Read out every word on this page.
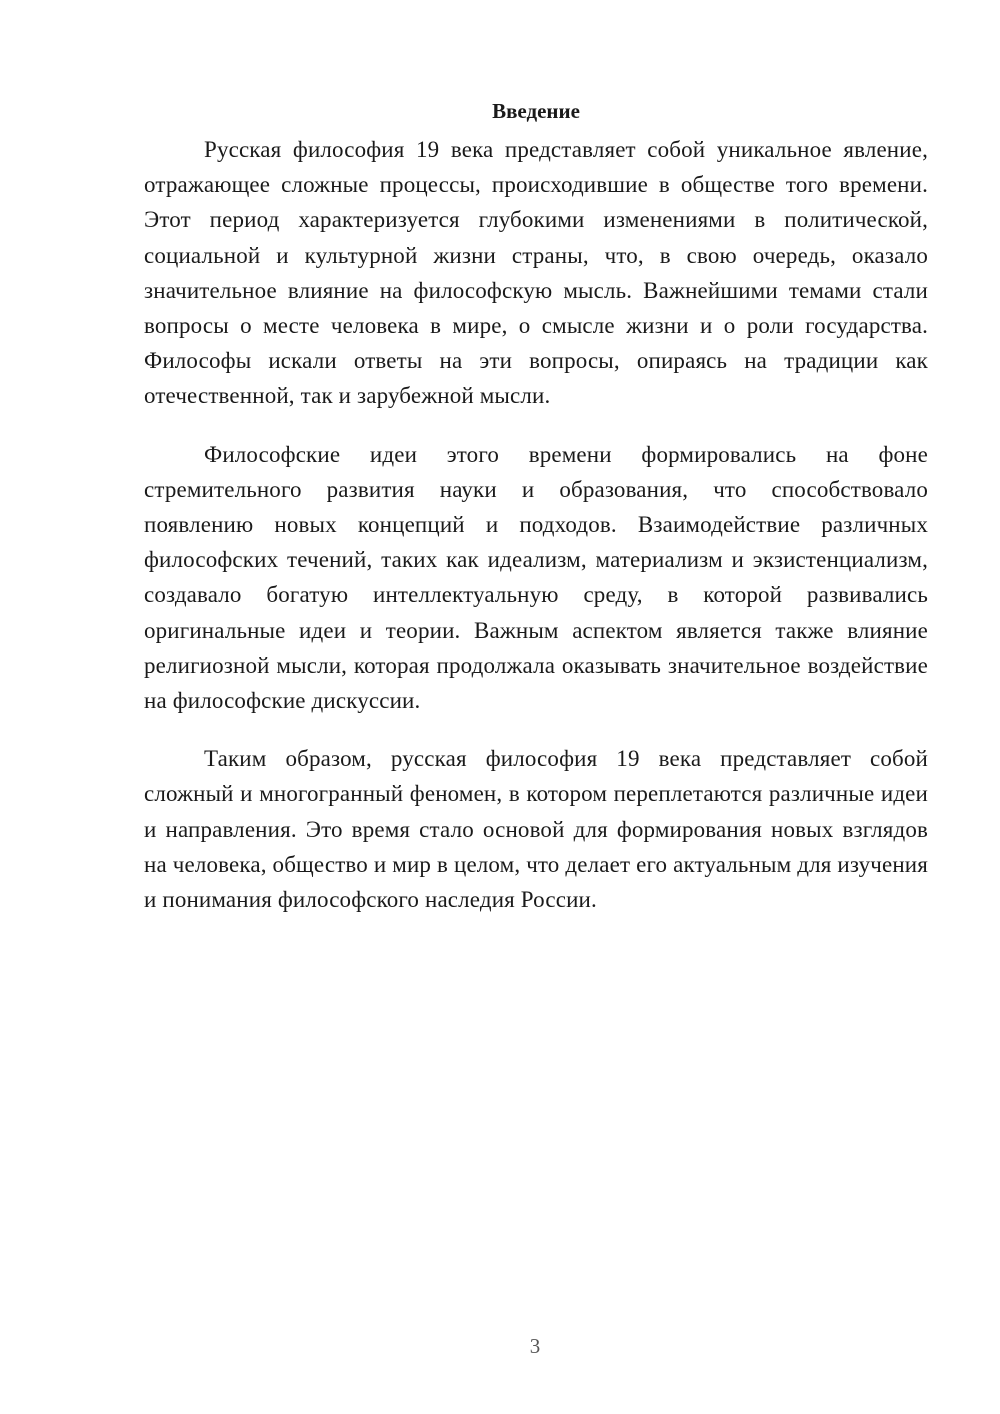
Введение

Русская философия 19 века представляет собой уникальное явление, отражающее сложные процессы, происходившие в обществе того времени. Этот период характеризуется глубокими изменениями в политической, социальной и культурной жизни страны, что, в свою очередь, оказало значительное влияние на философскую мысль. Важнейшими темами стали вопросы о месте человека в мире, о смысле жизни и о роли государства. Философы искали ответы на эти вопросы, опираясь на традиции как отечественной, так и зарубежной мысли.

Философские идеи этого времени формировались на фоне стремительного развития науки и образования, что способствовало появлению новых концепций и подходов. Взаимодействие различных философских течений, таких как идеализм, материализм и экзистенциализм, создавало богатую интеллектуальную среду, в которой развивались оригинальные идеи и теории. Важным аспектом является также влияние религиозной мысли, которая продолжала оказывать значительное воздействие на философские дискуссии.

Таким образом, русская философия 19 века представляет собой сложный и многогранный феномен, в котором переплетаются различные идеи и направления. Это время стало основой для формирования новых взглядов на человека, общество и мир в целом, что делает его актуальным для изучения и понимания философского наследия России.

3
